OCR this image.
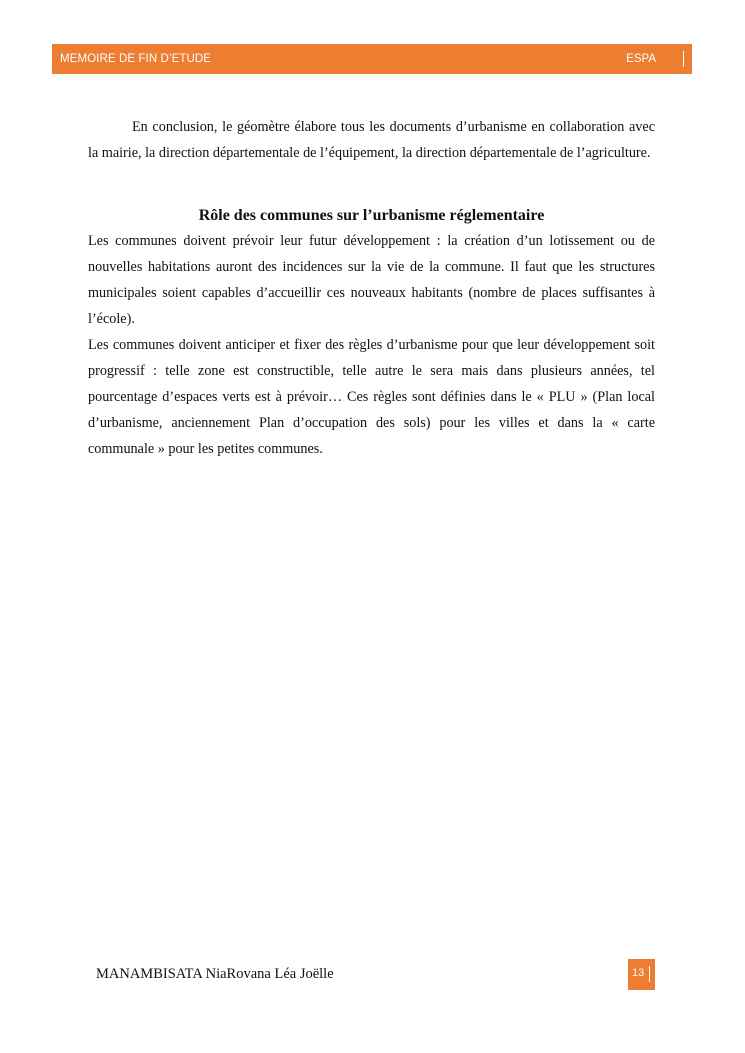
MEMOIRE DE FIN D’ETUDE	ESPA

En conclusion, le géomètre élabore tous les documents d’urbanisme en collaboration avec la mairie, la direction départementale de l’équipement, la direction départementale de l’agriculture.

Rôle des communes sur l’urbanisme réglementaire

Les communes doivent prévoir leur futur développement : la création d’un lotissement ou de nouvelles habitations auront des incidences sur la vie de la commune. Il faut que les structures municipales soient capables d’accueillir ces nouveaux habitants (nombre de places suffisantes à l’école).

Les communes doivent anticiper et fixer des règles d’urbanisme pour que leur développement soit progressif : telle zone est constructible, telle autre le sera mais dans plusieurs années, tel pourcentage d’espaces verts est à prévoir… Ces règles sont définies dans le « PLU » (Plan local d’urbanisme, anciennement Plan d’occupation des sols) pour les villes et dans la « carte communale » pour les petites communes.

MANAMBISATA NiaRovana Léa Joëlle	13
